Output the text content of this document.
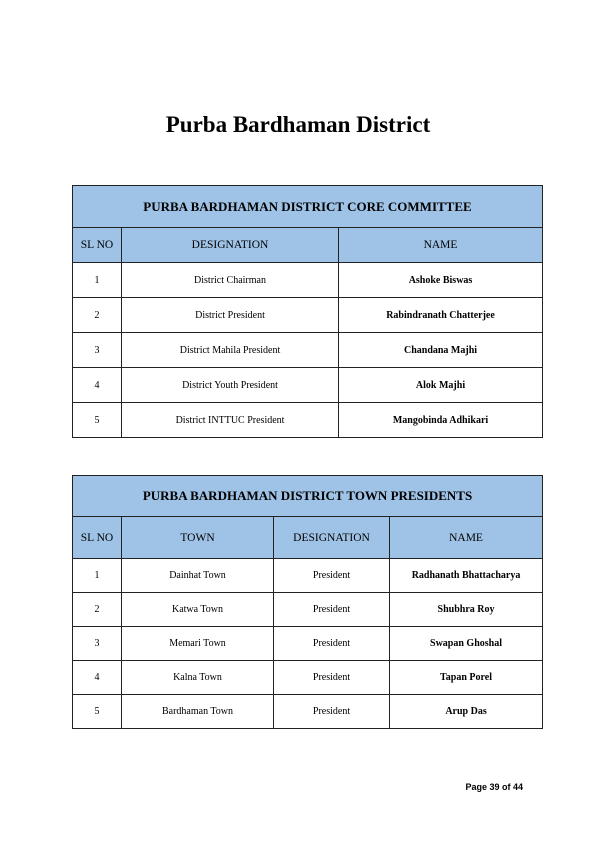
Purba Bardhaman District
PURBA BARDHAMAN DISTRICT CORE COMMITTEE		
SL NO	DESIGNATION	NAME
1	District Chairman	Ashoke Biswas
2	District President	Rabindranath Chatterjee
3	District Mahila President	Chandana Majhi
4	District Youth President	Alok Majhi
5	District INTTUC President	Mangobinda Adhikari
PURBA BARDHAMAN DISTRICT TOWN PRESIDENTS			
SL NO	TOWN	DESIGNATION	NAME
1	Dainhat Town	President	Radhanath Bhattacharya
2	Katwa Town	President	Shubhra Roy
3	Memari Town	President	Swapan Ghoshal
4	Kalna Town	President	Tapan Porel
5	Bardhaman Town	President	Arup Das
Page 39 of 44
